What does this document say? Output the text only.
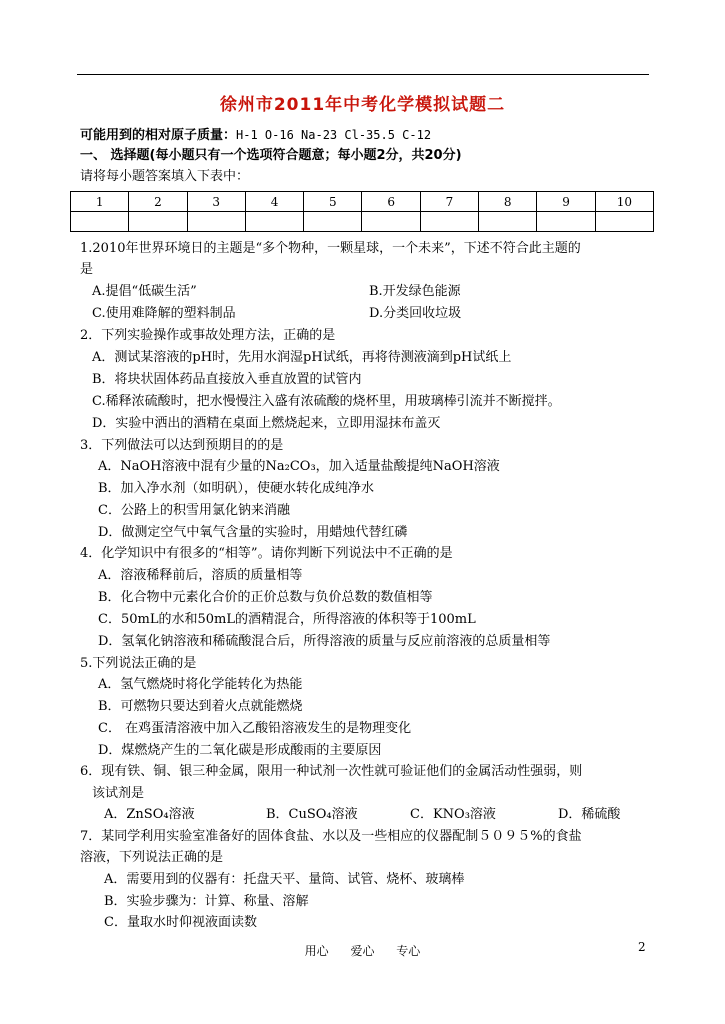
徐州市2011年中考化学模拟试题二
可能用到的相对原子质量：H-1 O-16 Na-23 Cl-35.5 C-12
一、 选择题(每小题只有一个选项符合题意；每小题2分，共20分)
请将每小题答案填入下表中：
1	2	3	4	5	6	7	8	9	10

1.2010年世界环境日的主题是“多个物种，一颗星球，一个未来”，下述不符合此主题的
是
A.提倡“低碳生活”	B.开发绿色能源
C.使用难降解的塑料制品	D.分类回收垃圾
2．下列实验操作或事故处理方法，正确的是
A．测试某溶液的pH时，先用水润湿pH试纸，再将待测液滴到pH试纸上
B．将块状固体药品直接放入垂直放置的试管内
C.稀释浓硫酸时，把水慢慢注入盛有浓硫酸的烧杯里，用玻璃棒引流并不断搅拌。
D．实验中洒出的酒精在桌面上燃烧起来，立即用湿抹布盖灭
3．下列做法可以达到预期目的的是
A．NaOH溶液中混有少量的Na₂CO₃，加入适量盐酸提纯NaOH溶液
B．加入净水剂（如明矾），使硬水转化成纯净水
C．公路上的积雪用氯化钠来消融
D．做测定空气中氧气含量的实验时，用蜡烛代替红磷
4．化学知识中有很多的“相等”。请你判断下列说法中不正确的是
A．溶液稀释前后，溶质的质量相等
B．化合物中元素化合价的正价总数与负价总数的数值相等
C．50mL的水和50mL的酒精混合，所得溶液的体积等于100mL
D．氢氧化钠溶液和稀硫酸混合后，所得溶液的质量与反应前溶液的总质量相等
5.下列说法正确的是
A．氢气燃烧时将化学能转化为热能
B．可燃物只要达到着火点就能燃烧
C． 在鸡蛋清溶液中加入乙酸铅溶液发生的是物理变化
D．煤燃烧产生的二氧化碳是形成酸雨的主要原因
6．现有铁、铜、银三种金属，限用一种试剂一次性就可验证他们的金属活动性强弱，则
该试剂是
A．ZnSO₄溶液	B．CuSO₄溶液	C．KNO₃溶液	D．稀硫酸
7．某同学利用实验室准备好的固体食盐、水以及一些相应的仪器配制５０９５%的食盐
溶液，下列说法正确的是
A．需要用到的仪器有：托盘天平、量筒、试管、烧杯、玻璃棒
B．实验步骤为：计算、称量、溶解
C．量取水时仰视液面读数
用心 爱心 专心	2
